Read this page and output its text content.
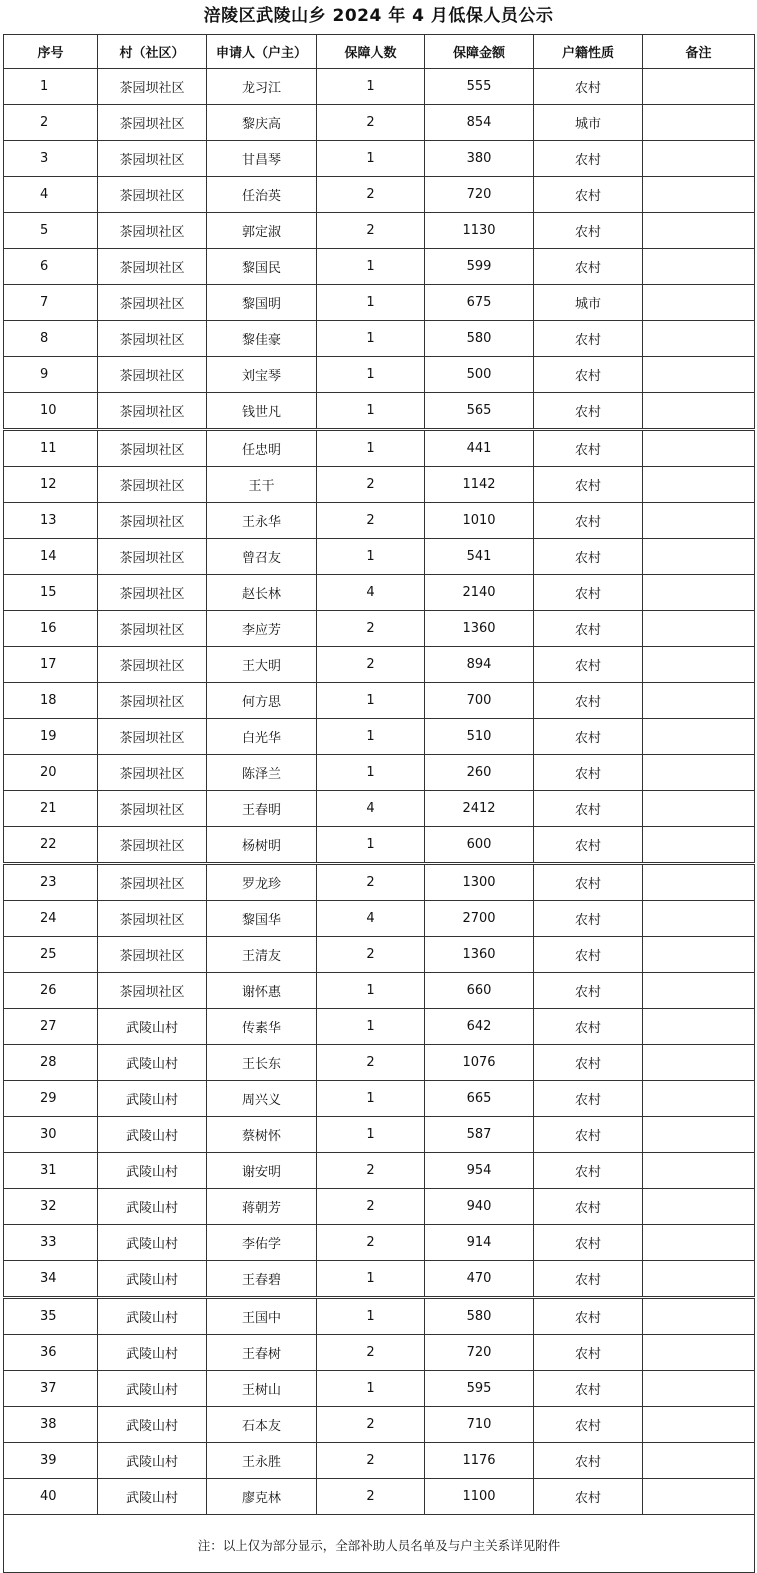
涪陵区武陵山乡 2024 年 4 月低保人员公示
序号	村（社区）	申请人（户主）	保障人数	保障金额	户籍性质	备注
1	茶园坝社区	龙习江	1	555	农村	
2	茶园坝社区	黎庆高	2	854	城市	
3	茶园坝社区	甘昌琴	1	380	农村	
4	茶园坝社区	任治英	2	720	农村	
5	茶园坝社区	郭定淑	2	1130	农村	
6	茶园坝社区	黎国民	1	599	农村	
7	茶园坝社区	黎国明	1	675	城市	
8	茶园坝社区	黎佳豪	1	580	农村	
9	茶园坝社区	刘宝琴	1	500	农村	
10	茶园坝社区	钱世凡	1	565	农村	
11	茶园坝社区	任忠明	1	441	农村	
12	茶园坝社区	王干	2	1142	农村	
13	茶园坝社区	王永华	2	1010	农村	
14	茶园坝社区	曾召友	1	541	农村	
15	茶园坝社区	赵长林	4	2140	农村	
16	茶园坝社区	李应芳	2	1360	农村	
17	茶园坝社区	王大明	2	894	农村	
18	茶园坝社区	何方思	1	700	农村	
19	茶园坝社区	白光华	1	510	农村	
20	茶园坝社区	陈泽兰	1	260	农村	
21	茶园坝社区	王春明	4	2412	农村	
22	茶园坝社区	杨树明	1	600	农村	
23	茶园坝社区	罗龙珍	2	1300	农村	
24	茶园坝社区	黎国华	4	2700	农村	
25	茶园坝社区	王清友	2	1360	农村	
26	茶园坝社区	谢怀惠	1	660	农村	
27	武陵山村	传素华	1	642	农村	
28	武陵山村	王长东	2	1076	农村	
29	武陵山村	周兴义	1	665	农村	
30	武陵山村	蔡树怀	1	587	农村	
31	武陵山村	谢安明	2	954	农村	
32	武陵山村	蒋朝芳	2	940	农村	
33	武陵山村	李佑学	2	914	农村	
34	武陵山村	王春碧	1	470	农村	
35	武陵山村	王国中	1	580	农村	
36	武陵山村	王春树	2	720	农村	
37	武陵山村	王树山	1	595	农村	
38	武陵山村	石本友	2	710	农村	
39	武陵山村	王永胜	2	1176	农村	
40	武陵山村	廖克林	2	1100	农村	
注：以上仅为部分显示，全部补助人员名单及与户主关系详见附件						
